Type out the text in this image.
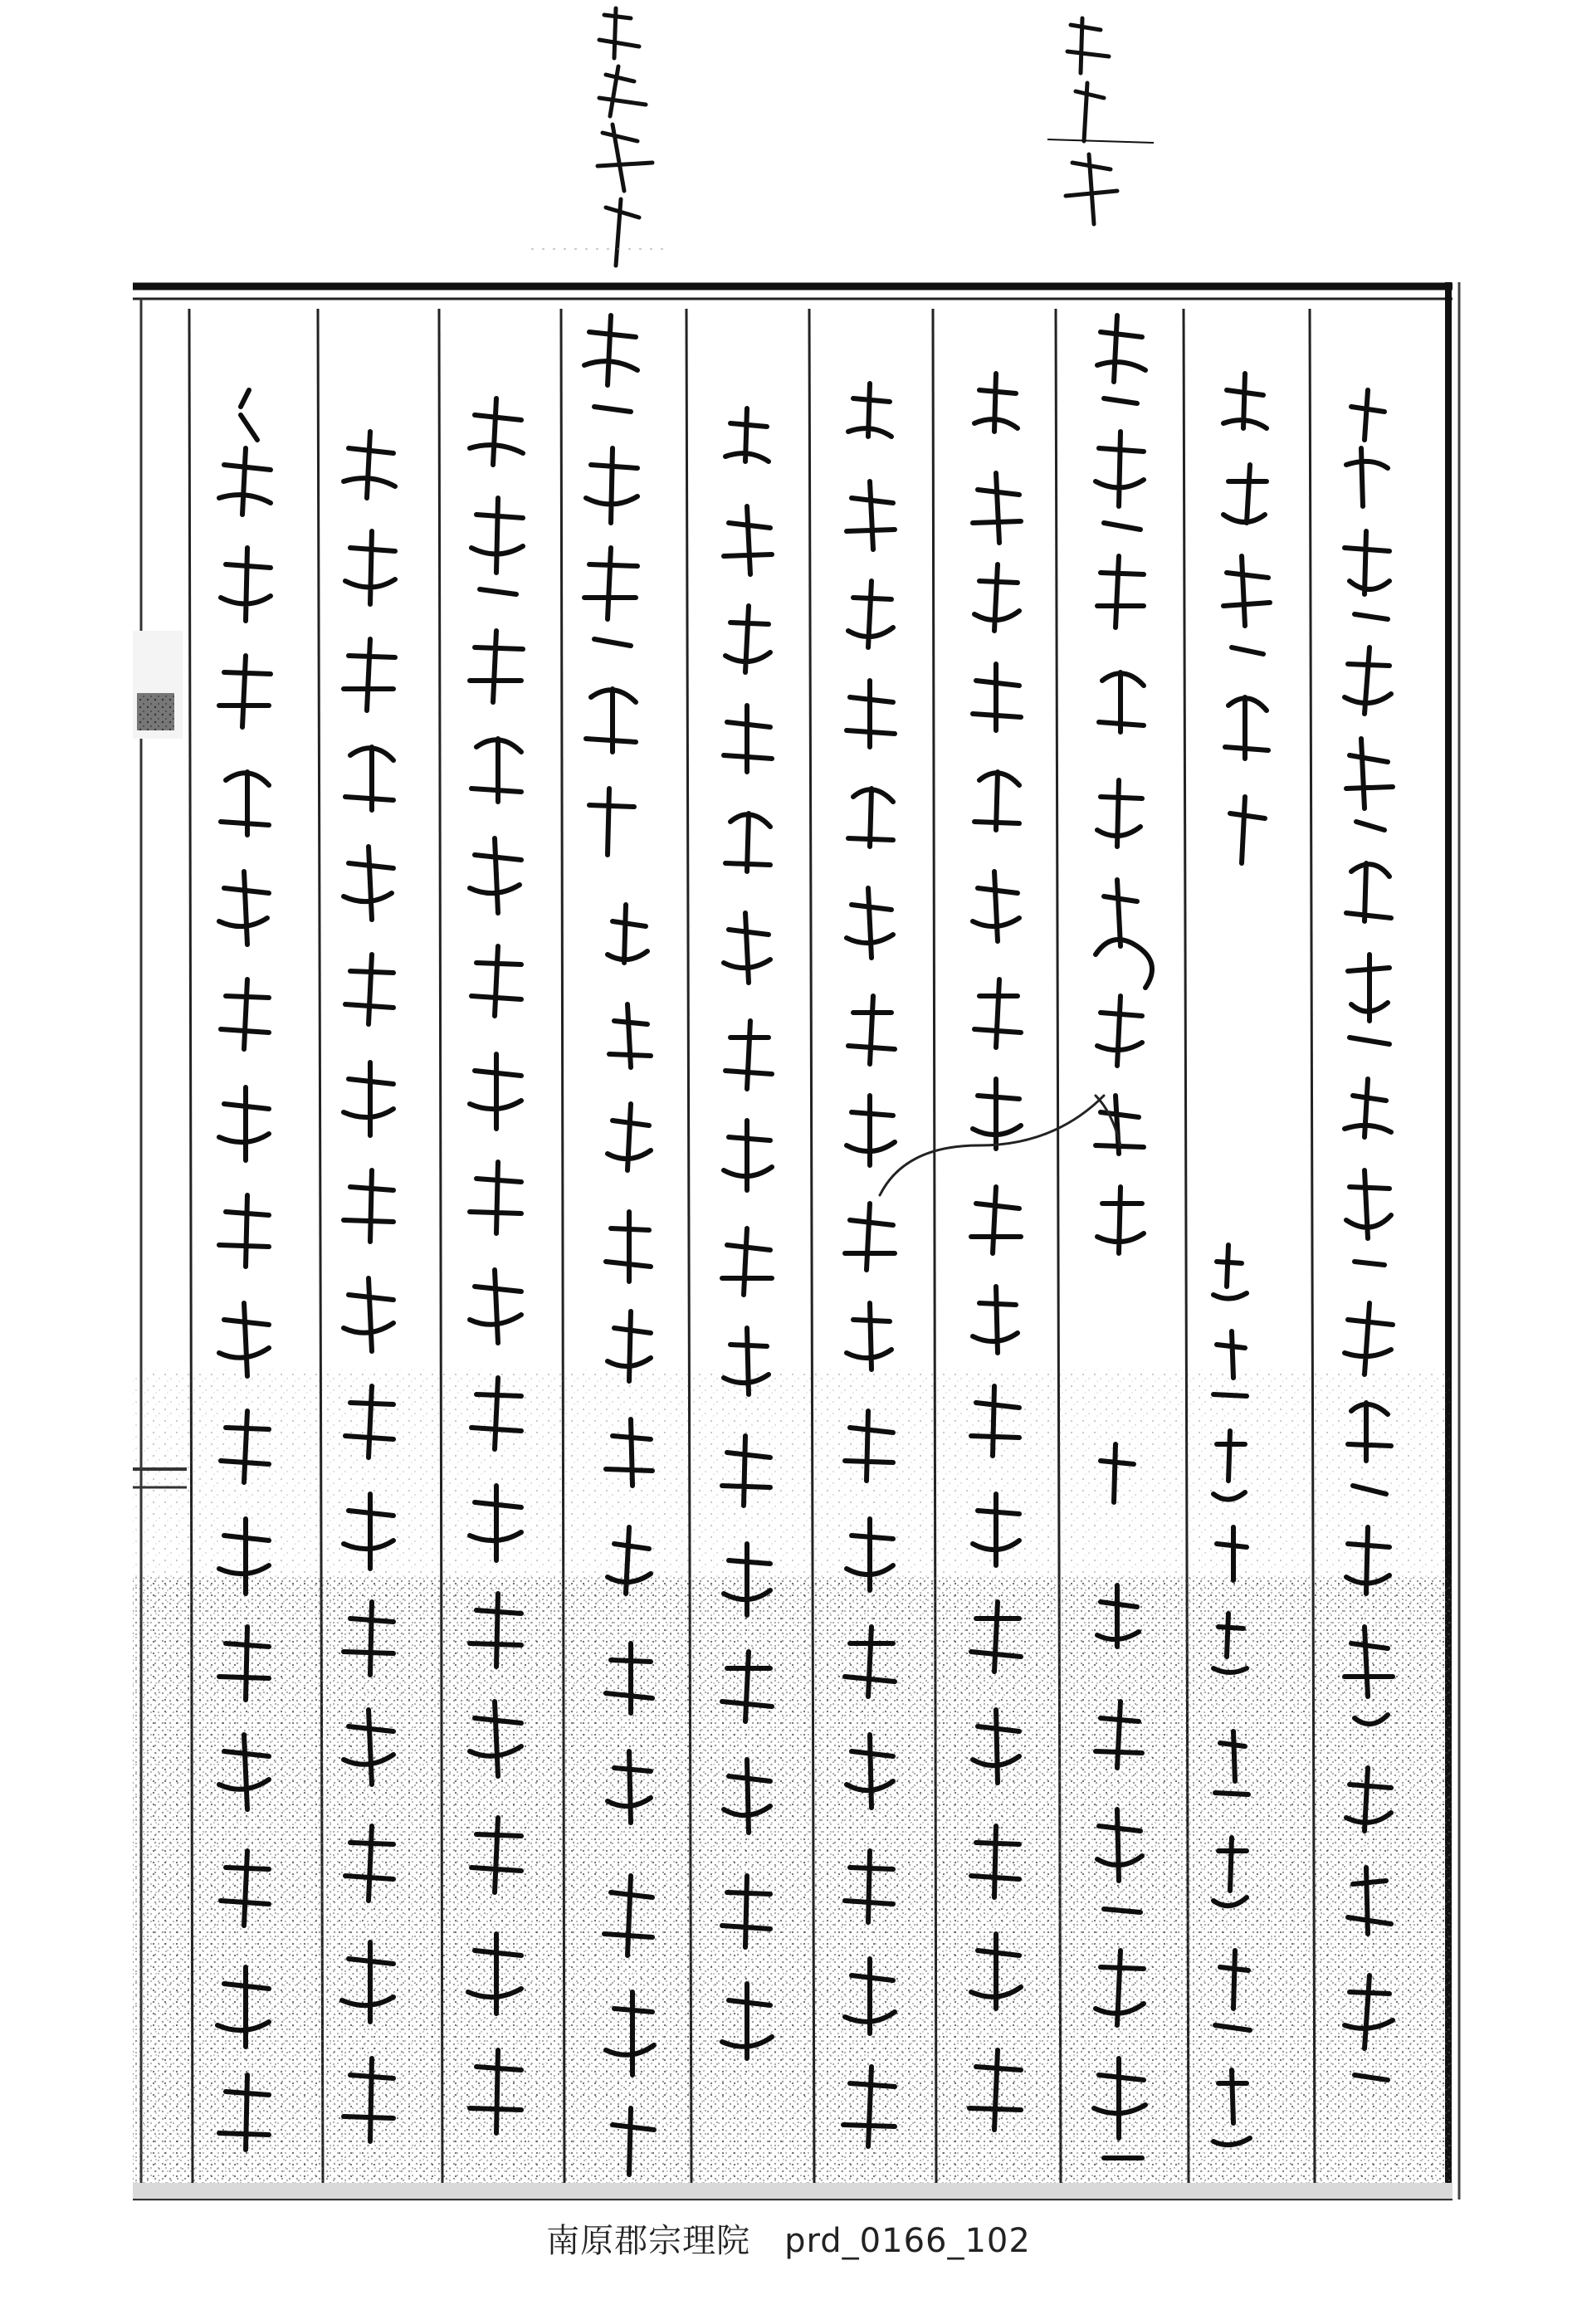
南原郡宗理院　prd_0166_102
